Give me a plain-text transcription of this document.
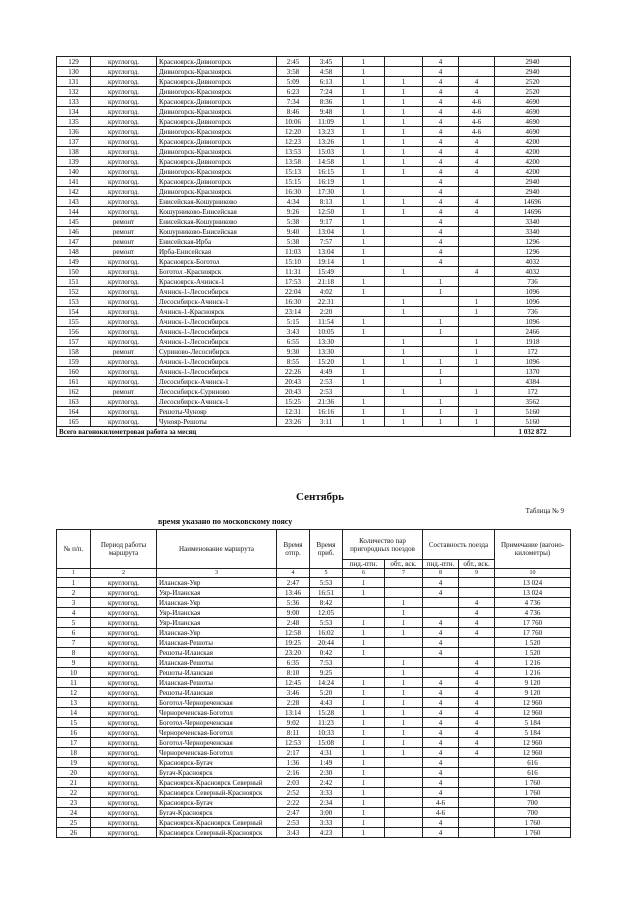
129	круглогод.	Красноярск-Дивногорск	2:45	3:45	1		4		2940
130	круглогод.	Дивногорск-Красноярск	3:58	4:58	1		4		2940
131	круглогод.	Красноярск-Дивногорск	5:09	6:13	1	1	4	4	2520
132	круглогод.	Дивногорск-Красноярск	6:23	7:24	1	1	4	4	2520
133	круглогод.	Красноярск-Дивногорск	7:34	8:36	1	1	4	4-6	4690
134	круглогод.	Дивногорск-Красноярск	8:46	9:48	1	1	4	4-6	4690
135	круглогод.	Красноярск-Дивногорск	10:06	11:09	1	1	4	4-6	4690
136	круглогод.	Дивногорск-Красноярск	12:20	13:23	1	1	4	4-6	4690
137	круглогод.	Красноярск-Дивногорск	12:23	13:26	1	1	4	4	4200
138	круглогод.	Дивногорск-Красноярск	13:53	15:03	1	1	4	4	4200
139	круглогод.	Красноярск-Дивногорск	13:58	14:58	1	1	4	4	4200
140	круглогод.	Дивногорск-Красноярск	15:13	16:15	1	1	4	4	4200
141	круглогод.	Красноярск-Дивногорск	15:15	16:19	1		4		2940
142	круглогод.	Дивногорск-Красноярск	16:30	17:30	1		4		2940
143	круглогод.	Енисейская-Кошурниково	4:34	8:13	1	1	4	4	14696
144	круглогод.	Кошурниково-Енисейская	9:26	12:50	1	1	4	4	14696
145	ремонт	Енисейская-Кошурниково	5:38	9:17	1		4		3340
146	ремонт	Кошурниково-Енисейская	9:40	13:04	1		4		3340
147	ремонт	Енисейская-Ирба	5:38	7:57	1		4		1296
148	ремонт	Ирба-Енисейская	11:03	13:04	1		4		1296
149	круглогод.	Красноярск-Боготол	15:10	19:14	1		4		4032
150	круглогод.	Боготол -Красноярск	11:31	15:49		1		4	4032
151	круглогод.	Красноярск-Ачинск-1	17:53	21:18	1		1		736
152	круглогод.	Ачинск-1-Лесосибирск	22:04	4:02	1		1		1096
153	круглогод.	Лесосибирск-Ачинск-1	16:30	22:31		1		1	1096
154	круглогод.	Ачинск-1-Красноярск	23:14	2:20		1		1	736
155	круглогод.	Ачинск-1-Лесосибирск	5:15	11:54	1		1		1096
156	круглогод.	Ачинск-1-Лесосибирск	3:43	10:05	1		1		2466
157	круглогод.	Ачинск-1-Лесосибирск	6:55	13:30		1		1	1918
158	ремонт	Суриново-Лесосибирск	9:30	13:30		1		1	172
159	круглогод.	Ачинск-1-Лесосибирск	8:55	15:20	1	1	1	1	1096
160	круглогод.	Ачинск-1-Лесосибирск	22:26	4:49	1		1		1370
161	круглогод.	Лесосибирск-Ачинск-1	20:43	2:53	1		1		4384
162	ремонт	Лесосибирск-Суриново	20:43	2:53		1		1	172
163	круглогод.	Лесосибирск-Ачинск-1	15:25	21:36	1		1		3562
164	круглогод.	Решоты-Чунояр	12:31	16:16	1	1	1	1	5160
165	круглогод.	Чунояр-Решоты	23:26	3:11	1	1	1	1	5160
Всего вагонокилометровая работа за месяц									1 032 872
Сентябрь
Таблица № 9
время указано по московскому поясу
№ п/п.	Период работы маршрута	Наименование маршрута	Время отпр.	Время приб.	Количество пар пригородных поездов		Составность поезда		Примечание (вагоно-километры)
					пнд.-птн.	обт., вск.	пнд.-птн.	обт., вск.	
1	2	3	4	5	6	7	8	9	10
1	круглогод.	Иланская-Уяр	2:47	5:53	1		4		13 024
2	круглогод.	Уяр-Иланская	13:46	16:51	1		4		13 024
3	круглогод.	Иланская-Уяр	5:36	8:42		1		4	4 736
4	круглогод.	Уяр-Иланская	9:00	12:05		1		4	4 736
5	круглогод.	Уяр-Иланская	2:48	5:53	1	1	4	4	17 760
6	круглогод.	Иланская-Уяр	12:58	16:02	1	1	4	4	17 760
7	круглогод.	Иланская-Решоты	19:25	20:44	1		4		1 520
8	круглогод.	Решоты-Иланская	23:20	0:42	1		4		1 520
9	круглогод.	Иланская-Решоты	6:35	7:53		1		4	1 216
10	круглогод.	Решоты-Иланская	8:10	9:25		1		4	1 216
11	круглогод.	Иланская-Решоты	12:45	14:24	1	1	4	4	9 120
12	круглогод.	Решоты-Иланская	3:46	5:20	1	1	4	4	9 120
13	круглогод.	Боготол-Чернореченская	2:28	4:43	1	1	4	4	12 960
14	круглогод.	Чернореченская-Боготол	13:14	15:28	1	1	4	4	12 960
15	круглогод.	Боготол-Чернореченская	9:02	11:23	1	1	4	4	5 184
16	круглогод.	Чернореченская-Боготол	8:11	10:33	1	1	4	4	5 184
17	круглогод.	Боготол-Чернореченская	12:53	15:08	1	1	4	4	12 960
18	круглогод.	Чернореченская-Боготол	2:17	4:31	1	1	4	4	12 960
19	круглогод.	Красноярск-Бугач	1:36	1:49	1		4		616
20	круглогод.	Бугач-Красноярск	2:16	2:30	1		4		616
21	круглогод.	Красноярск-Красноярск Северный	2:03	2:42	1		4		1 760
22	круглогод.	Красноярск Северный-Красноярск	2:52	3:33	1		4		1 760
23	круглогод.	Красноярск-Бугач	2:22	2:34	1		4-6		700
24	круглогод.	Бугач-Красноярск	2:47	3:00	1		4-6		700
25	круглогод.	Красноярск-Красноярск Северный	2:53	3:33	1		4		1 760
26	круглогод.	Красноярск Северный-Красноярск	3:43	4:23	1		4		1 760
